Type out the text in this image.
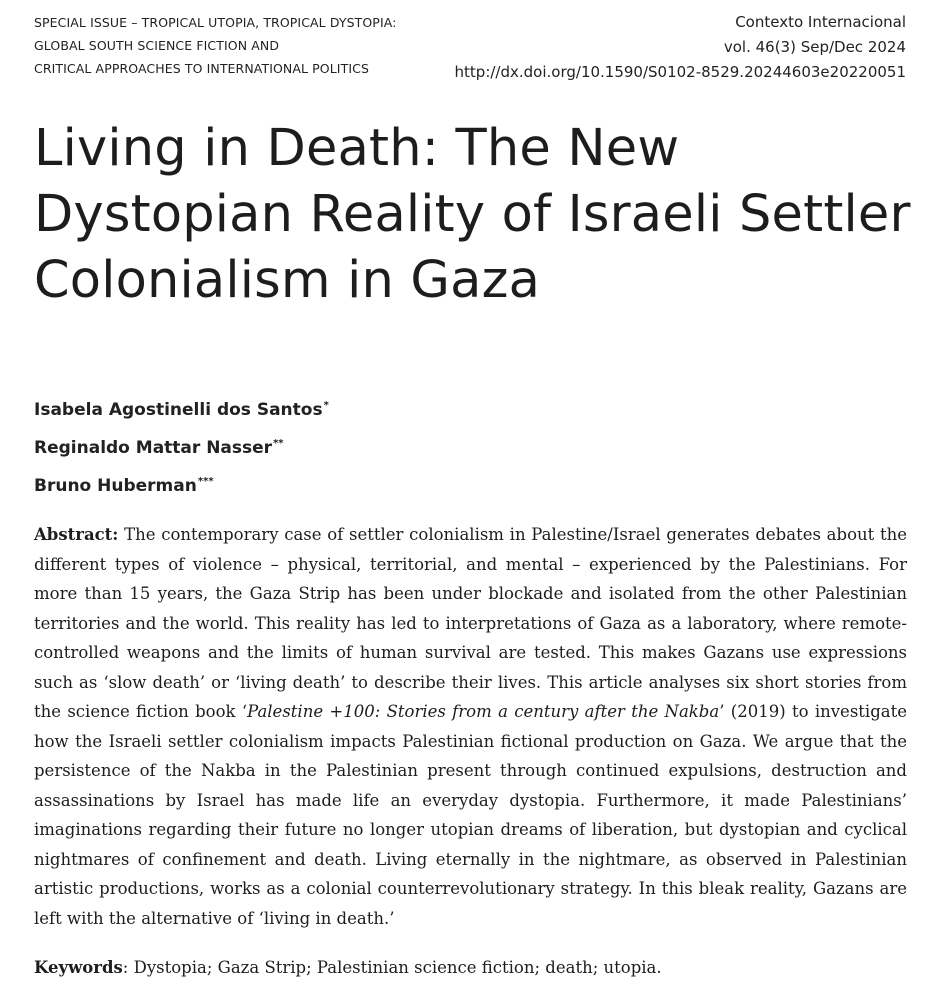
SPECIAL ISSUE – TROPICAL UTOPIA, TROPICAL DYSTOPIA:
GLOBAL SOUTH SCIENCE FICTION AND
CRITICAL APPROACHES TO INTERNATIONAL POLITICS
Contexto Internacional
vol. 46(3) Sep/Dec 2024
http://dx.doi.org/10.1590/S0102-8529.20244603e20220051
Living in Death: The New Dystopian Reality of Israeli Settler Colonialism in Gaza
Isabela Agostinelli dos Santos*
Reginaldo Mattar Nasser**
Bruno Huberman***

Abstract: The contemporary case of settler colonialism in Palestine/Israel generates debates about the different types of violence – physical, territorial, and mental – experienced by the Palestinians. For more than 15 years, the Gaza Strip has been under blockade and isolated from the other Palestinian territories and the world. This reality has led to interpretations of Gaza as a laboratory, where remote-controlled weapons and the limits of human survival are tested. This makes Gazans use expressions such as ‘slow death’ or ‘living death’ to describe their lives. This article analyses six short stories from the science fiction book ‘Palestine +100: Stories from a century after the Nakba’ (2019) to investigate how the Israeli settler colonialism impacts Palestinian fictional production on Gaza. We argue that the persistence of the Nakba in the Palestinian present through continued expulsions, destruction and assassinations by Israel has made life an everyday dystopia. Furthermore, it made Palestinians’ imaginations regarding their future no longer utopian dreams of liberation, but dystopian and cyclical nightmares of confinement and death. Living eternally in the nightmare, as observed in Palestinian artistic productions, works as a colonial counterrevolutionary strategy. In this bleak reality, Gazans are left with the alternative of ‘living in death.’

Keywords: Dystopia; Gaza Strip; Palestinian science fiction; death; utopia.
